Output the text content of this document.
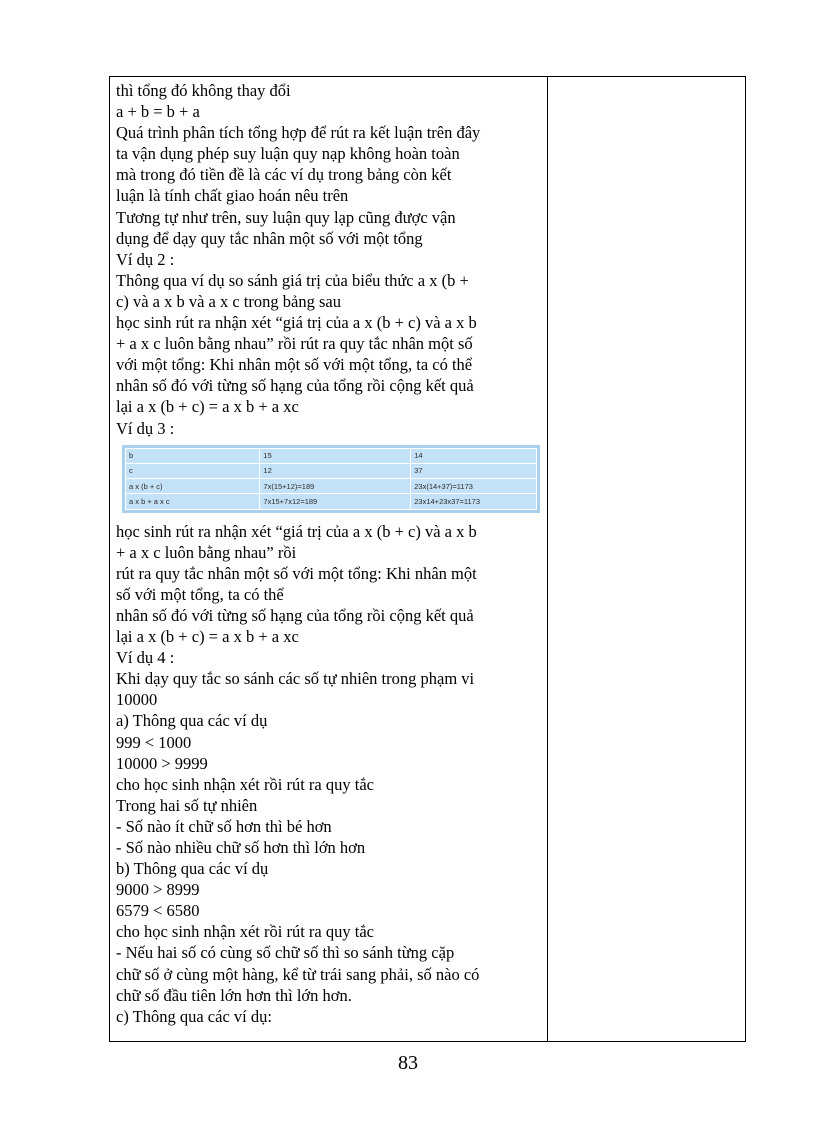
thì tổng đó không thay đổi
a + b = b + a
Quá trình phân tích tổng hợp để rút ra kết luận trên đây
ta vận dụng phép suy luận quy nạp không hoàn toàn
mà trong đó tiền đề là các ví dụ trong bảng còn kết
luận là tính chất giao hoán nêu trên
Tương tự như trên, suy luận quy lạp cũng được vận
dụng để dạy quy tắc nhân một số với một tổng
Ví dụ 2 :
Thông qua ví dụ so sánh giá trị của biểu thức a x (b +
c) và a x b và a x c trong bảng sau
học sinh rút ra nhận xét “giá trị của a x (b + c) và a x b
+ a x c luôn bằng nhau” rồi rút ra quy tắc nhân một số
với một tổng: Khi nhân một số với một tổng, ta có thể
nhân số đó với từng số hạng của tổng rồi cộng kết quả
lại a x (b + c) = a x b + a xc
Ví dụ 3 :
b	15	14
c	12	37
a x (b + c)	7x(15+12)=189	23x(14+37)=1173
a x b + a x c	7x15+7x12=189	23x14+23x37=1173
học sinh rút ra nhận xét “giá trị của a x (b + c) và a x b
+ a x c luôn bằng nhau” rồi
rút ra quy tắc nhân một số với một tổng: Khi nhân một
số với một tổng, ta có thể
nhân số đó với từng số hạng của tổng rồi cộng kết quả
lại a x (b + c) = a x b + a xc
Ví dụ 4 :
Khi dạy quy tắc so sánh các số tự nhiên trong phạm vi
10000
a) Thông qua các ví dụ
999 < 1000
10000 > 9999
cho học sinh nhận xét rồi rút ra quy tắc
Trong hai số tự nhiên
- Số nào ít chữ số hơn thì bé hơn
- Số nào nhiều chữ số hơn thì lớn hơn
b) Thông qua các ví dụ
9000 > 8999
6579 < 6580
cho học sinh nhận xét rồi rút ra quy tắc
- Nếu hai số có cùng số chữ số thì so sánh từng cặp
chữ số ở cùng một hàng, kể từ trái sang phải, số nào có
chữ số đầu tiên lớn hơn thì lớn hơn.
c) Thông qua các ví dụ:
83
